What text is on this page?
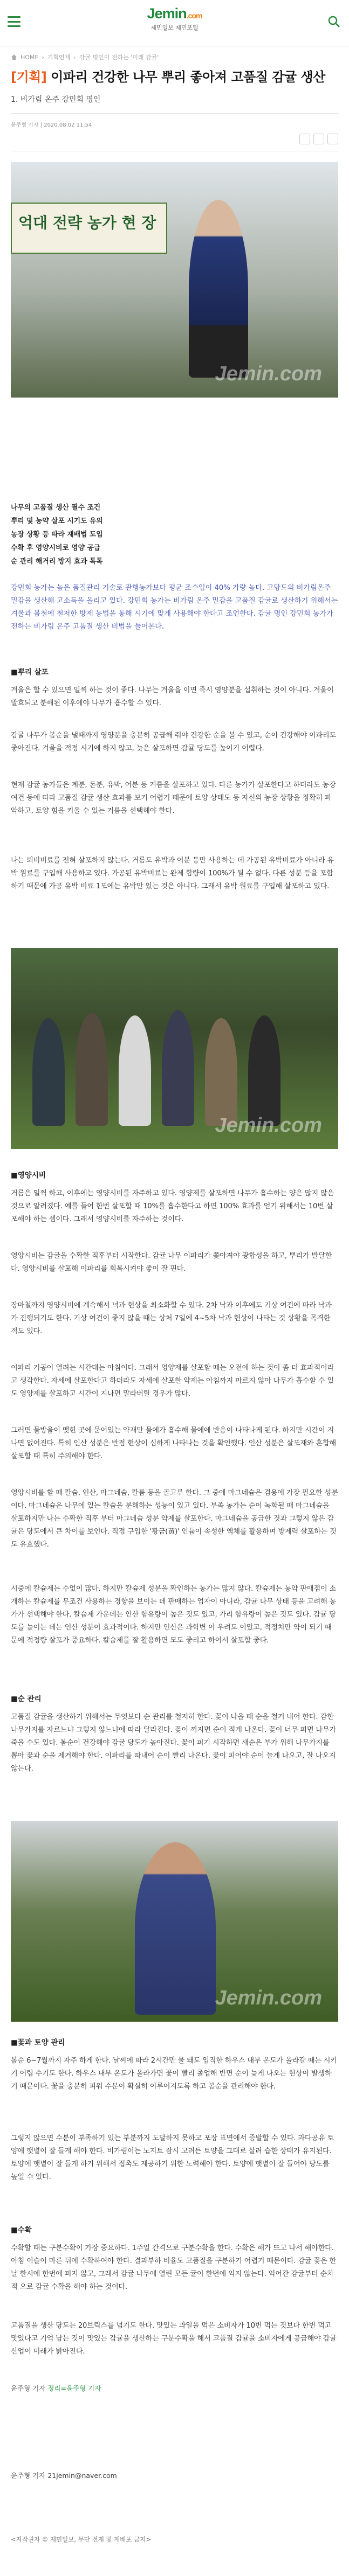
Jemin.com
제민일보 제민포털
HOME › 기획연재 › 감귤 명인이 전하는 '미래 감귤'
[기획] 이파리 건강한 나무 뿌리 좋아져 고품질 감귤 생산
1. 비가림 온주 강민회 명인
윤주형 기자 | 2020.08.02 11:54
억대 전략 농가 현 장
Jemin.com
나무의 고품질 생산 필수 조건
뿌리 및 농약 살포 시기도 유의
농장 상황 등 따라 재배법 도입
수확 후 영양시비로 영양 공급
순 관리 해거리 방지 효과 톡톡
강민회 농가는 높은 품질관리 기술로 관행농가보다 평균 조수입이 40% 가량 높다. 고당도의 비가림온주 밀감을 생산해 고소득을 올리고 있다. 강민회 농가는 비가림 온주 밀감을 고품질 감귤로 생산하기 위해서는 겨울과 봄철에 철저한 방제 농법을 통해 시기에 맞게 사용해야 한다고 조언한다. 감귤 명인 강민회 농가가 전하는 비가림 온주 고품질 생산 비법을 들어본다.
■뿌리 살포
겨울은 할 수 있으면 일찍 하는 것이 좋다. 나무는 겨울을 이면 즉시 영양분을 섭취하는 것이 아니다. 겨울이 발효되고 분해된 이후에야 나무가 흡수할 수 있다.
감귤 나무가 봄순을 낼때까지 영양분을 충분히 공급해 줘야 건강한 순을 볼 수 있고, 순이 건강해야 이파리도 좋아진다. 겨울을 적정 시기에 하지 않고, 늦은 살포하면 감귤 당도를 높이기 어렵다.
현재 감귤 농가들은 계분, 돈분, 유박, 어분 등 거름을 살포하고 있다. 다른 농가가 살포한다고 하더라도 농장 여건 등에 따라 고품질 감귤 생산 효과를 보기 어렵기 때문에 토양 상태도 등 자신의 농장 상황을 정확히 파악하고, 토양 힘을 키울 수 있는 거름을 선택해야 한다.
나는 퇴비비료를 전혀 살포하지 않는다. 거름도 유박과 어분 등만 사용하는 데 가공된 유박비료가 아니라 유박 원료를 구입해 사용하고 있다. 가공된 유박비료는 완제 함량이 100%가 될 수 없다. 다른 성분 등을 포함하기 때문에 가공 유박 비료 1포에는 유박만 있는 것은 아니다. 그래서 유박 원료를 구입해 살포하고 있다.
Jemin.com
■영양시비
거름은 일찍 하고, 이후에는 영양시비를 자주하고 있다. 영양제를 살포하면 나무가 흡수하는 양은 많지 않은 것으로 알려졌다. 예를 들어 한번 살포할 때 10%를 흡수한다고 하면 100% 효과를 얻기 위해서는 10번 살포해야 하는 셈이다. 그래서 영양시비를 자주하는 것이다.
영양시비는 감귤을 수확한 직후부터 시작한다. 감귤 나무 이파리가 쫓아져야 광합성을 하고, 뿌리가 발달한다. 영양시비를 살포해 이파리를 회복시켜야 좋이 잘 핀다.
장마철까지 영양시비에 계속해서 넉과 현상을 최소화할 수 있다. 2차 낙과 이후에도 기상 여건에 따라 낙과가 진행되기도 한다. 기상 여건이 좋지 않을 때는 상처 7일에 4~5차 낙과 현상이 나타는 것 상황을 목격한 적도 있다.
이파리 기공이 열려는 시간대는 아침이다. 그래서 영양제를 살포할 때는 오전에 하는 것이 좀 더 효과적이라고 생각한다. 자세에 살포한다고 하더라도 자세에 살포한 약제는 아침까지 마르지 않아 나무가 흡수할 수 있도 영양제를 살포하고 시간이 지나면 말라버릴 경우가 많다.
그러면 물방울이 맺힌 곳에 묻어있는 약재만 물에가 흡수해 물에에 반응이 나타나게 된다. 하지만 시간이 지나면 없어진다. 특히 인산 성분은 반점 현상이 심하게 나타나는 것을 확인했다. 인산 성분은 살포재와 혼합해 살포할 때 특히 주의해야 한다.
영양시비를 할 때 칼슘, 인산, 마그네슘, 칼륨 등을 골고루 한다. 그 중에 마그네슘은 겸용에 가장 필요한 성분이다. 마그네슘은 나무에 있는 칼슘을 분해하는 성능이 있고 있다. 부족 농가는 순이 녹화될 때 마그네슘을 살포하지만 나는 수확한 직후 부터 마그네슘 성분 약제를 살포한다. 마그네슘을 공급한 것과 그렇지 않은 감귤은 당도에서 큰 차이를 보인다. 직접 구입한 '황금(黃)' 인듐이 속성한 액체를 활용하며 방제력 살포하는 것도 유효했다.
시중에 칼슘제는 수없이 많다. 하지만 칼슘제 성분을 확인하는 농가는 많지 않다. 칼슘제는 농약 판매점이 소개하는 칼슘제를 무조건 사용하는 경향을 보이는 데 판매하는 업자이 아니라, 감귤 나무 상태 등을 고려해 농가가 선택해야 한다. 칼슘제 가운데는 인산 함유량이 높은 것도 있고, 가리 함유량이 높은 것도 있다. 감귤 당도를 높이는 데는 인산 성분이 효과적이다. 하지만 인산은 과학변 이 우려도 이있고, 적정치만 약이 되기 때문에 적정량 살포가 중요하다. 칼슘제를 잘 활용하면 모도 좋리고 하어서 살포할 좋다.
■순 관리
고품질 감귤을 생산하기 위해서는 무엇보다 순 관리를 철저히 한다. 꽃이 나올 때 순을 철거 내어 한다. 감한 나무가지를 자르느냐 그렇지 않느냐에 따라 달라진다. 꽃이 꺼지면 순이 적게 나온다. 꽃이 너무 피면 나무가 죽을 수도 있다. 봄순이 건강해야 감귤 당도가 높아진다. 꽃이 피기 시작하면 새순은 부가 위해 나무가지를 뽑아 꽃과 순을 제거해야 한다. 이파리를 따내어 순이 빨리 나온다. 꽃이 피어야 순이 늘게 나오고, 잘 나오지 않는다.
Jemin.com
■꽃과 토양 관리
봄순 6~7월까지 자주 하게 한다. 날씨에 따라 2시간만 물 돼도 입직한 하우스 내부 온도가 올라갈 때는 시키기 어렵 수기도 한다. 하우스 내부 온도가 올라가면 꽃이 빨리 졸업해 반면 순이 늦게 나오는 현상이 발생하기 때문이다. 꽃을 충분히 피워 수분이 확실히 이루어지도록 하고 봄순을 관리해야 한다.
그렇지 않으면 수분이 부족하기 있는 부분까지 도달하지 못하고 포장 표면에서 증발할 수 있다. 과다공유 토양에 햇볕이 잘 들게 해야 한다. 비가림이는 노지트 잠시 고려든 토양을 그대로 살려 습한 상태가 유지된다. 토양에 햇볕이 잘 들게 하기 위해서 접촉도 제공하기 위한 노력해야 한다. 토양에 햇볕이 잘 들어야 당도를 높일 수 있다.
■수확
수확할 때는 구분수확이 가장 중요하다. 1주일 간격으로 구분수확을 한다. 수확은 해가 뜨고 나서 해야한다. 아침 이슬이 마른 뒤에 수확하여야 한다. 결과부하 비율도 고품질을 구분하기 어렵기 때문이다. 감귤 꽃은 한날 한시에 한번에 피지 않고, 그래서 감귤 나무에 열린 모든 귤이 한번에 익지 않는다. 익어간 감귤부터 순차적 으로 감귤 수확을 해야 하는 것이다.
고품질을 생산 당도는 20브릭스를 넘기도 한다. 맛있는 과일을 먹은 소비자가 10번 먹는 것보다 한번 먹고 맛있다고 기억 남는 것이 맛있는 감귤을 생산하는 구분수확을 해서 고품질 감귤을 소비자에게 공급해야 감귤산업이 미래가 밝아진다.
윤주형 기자 정리=윤주형 기자
윤주형 기자 21jemin@naver.com
<저작권자 © 제민일보, 무단 전재 및 재배포 금지>
